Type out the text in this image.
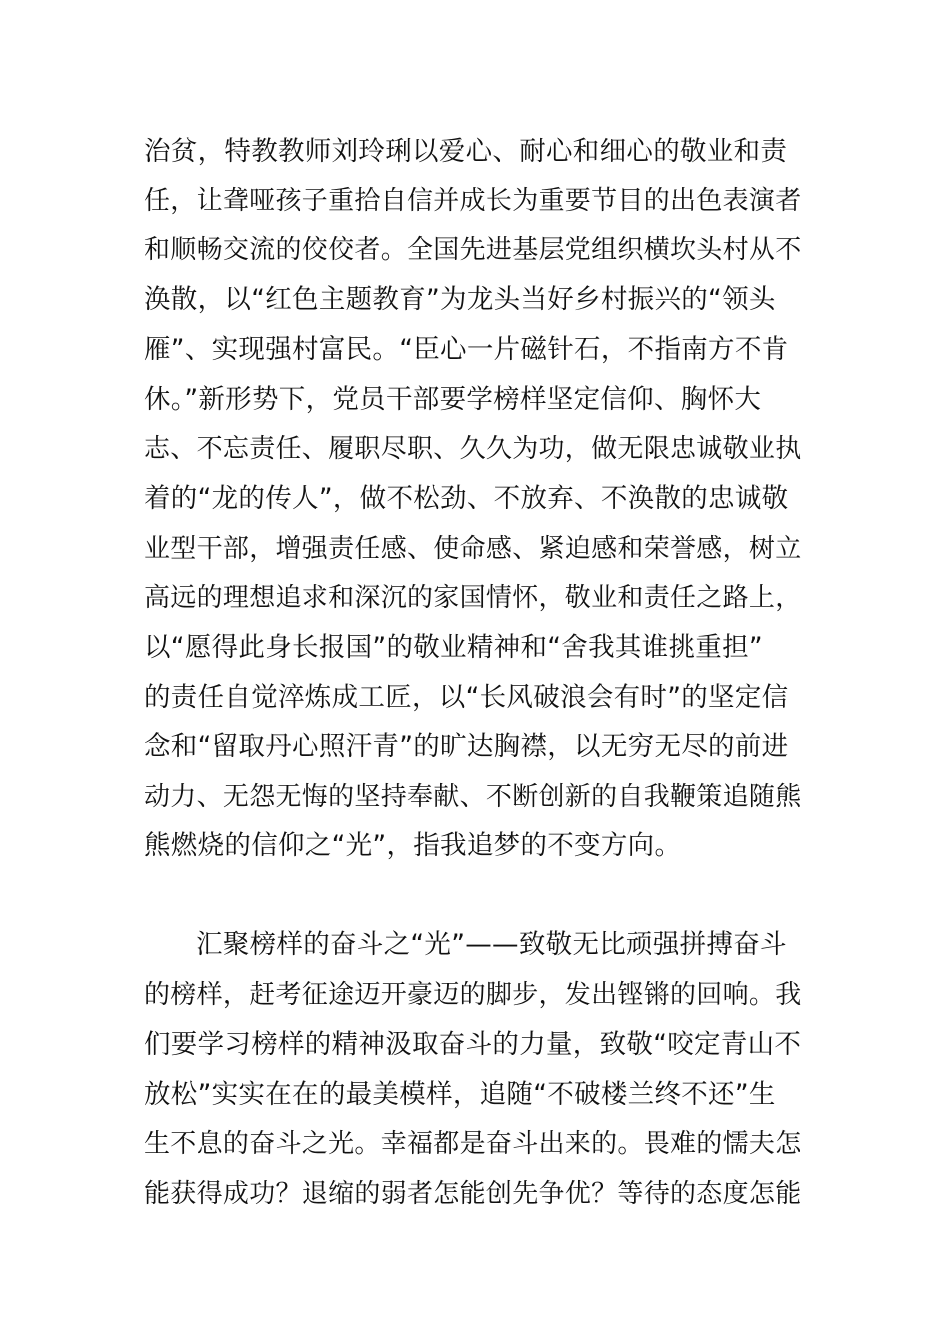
治贫，特教教师刘玲琍以爱心、耐心和细心的敬业和责
任，让聋哑孩子重拾自信并成长为重要节目的出色表演者
和顺畅交流的佼佼者。全国先进基层党组织横坎头村从不
涣散，以“红色主题教育”为龙头当好乡村振兴的“领头
雁”、实现强村富民。“臣心一片磁针石，不指南方不肯
休。”新形势下，党员干部要学榜样坚定信仰、胸怀大
志、不忘责任、履职尽职、久久为功，做无限忠诚敬业执
着的“龙的传人”，做不松劲、不放弃、不涣散的忠诚敬
业型干部，增强责任感、使命感、紧迫感和荣誉感，树立
高远的理想追求和深沉的家国情怀，敬业和责任之路上，
以“愿得此身长报国”的敬业精神和“舍我其谁挑重担”
的责任自觉淬炼成工匠，以“长风破浪会有时”的坚定信
念和“留取丹心照汗青”的旷达胸襟，以无穷无尽的前进
动力、无怨无悔的坚持奉献、不断创新的自我鞭策追随熊
熊燃烧的信仰之“光”，指我追梦的不变方向。
汇聚榜样的奋斗之“光”——致敬无比顽强拼搏奋斗
的榜样，赶考征途迈开豪迈的脚步，发出铿锵的回响。我
们要学习榜样的精神汲取奋斗的力量，致敬“咬定青山不
放松”实实在在的最美模样，追随“不破楼兰终不还”生
生不息的奋斗之光。幸福都是奋斗出来的。畏难的懦夫怎
能获得成功？退缩的弱者怎能创先争优？等待的态度怎能
